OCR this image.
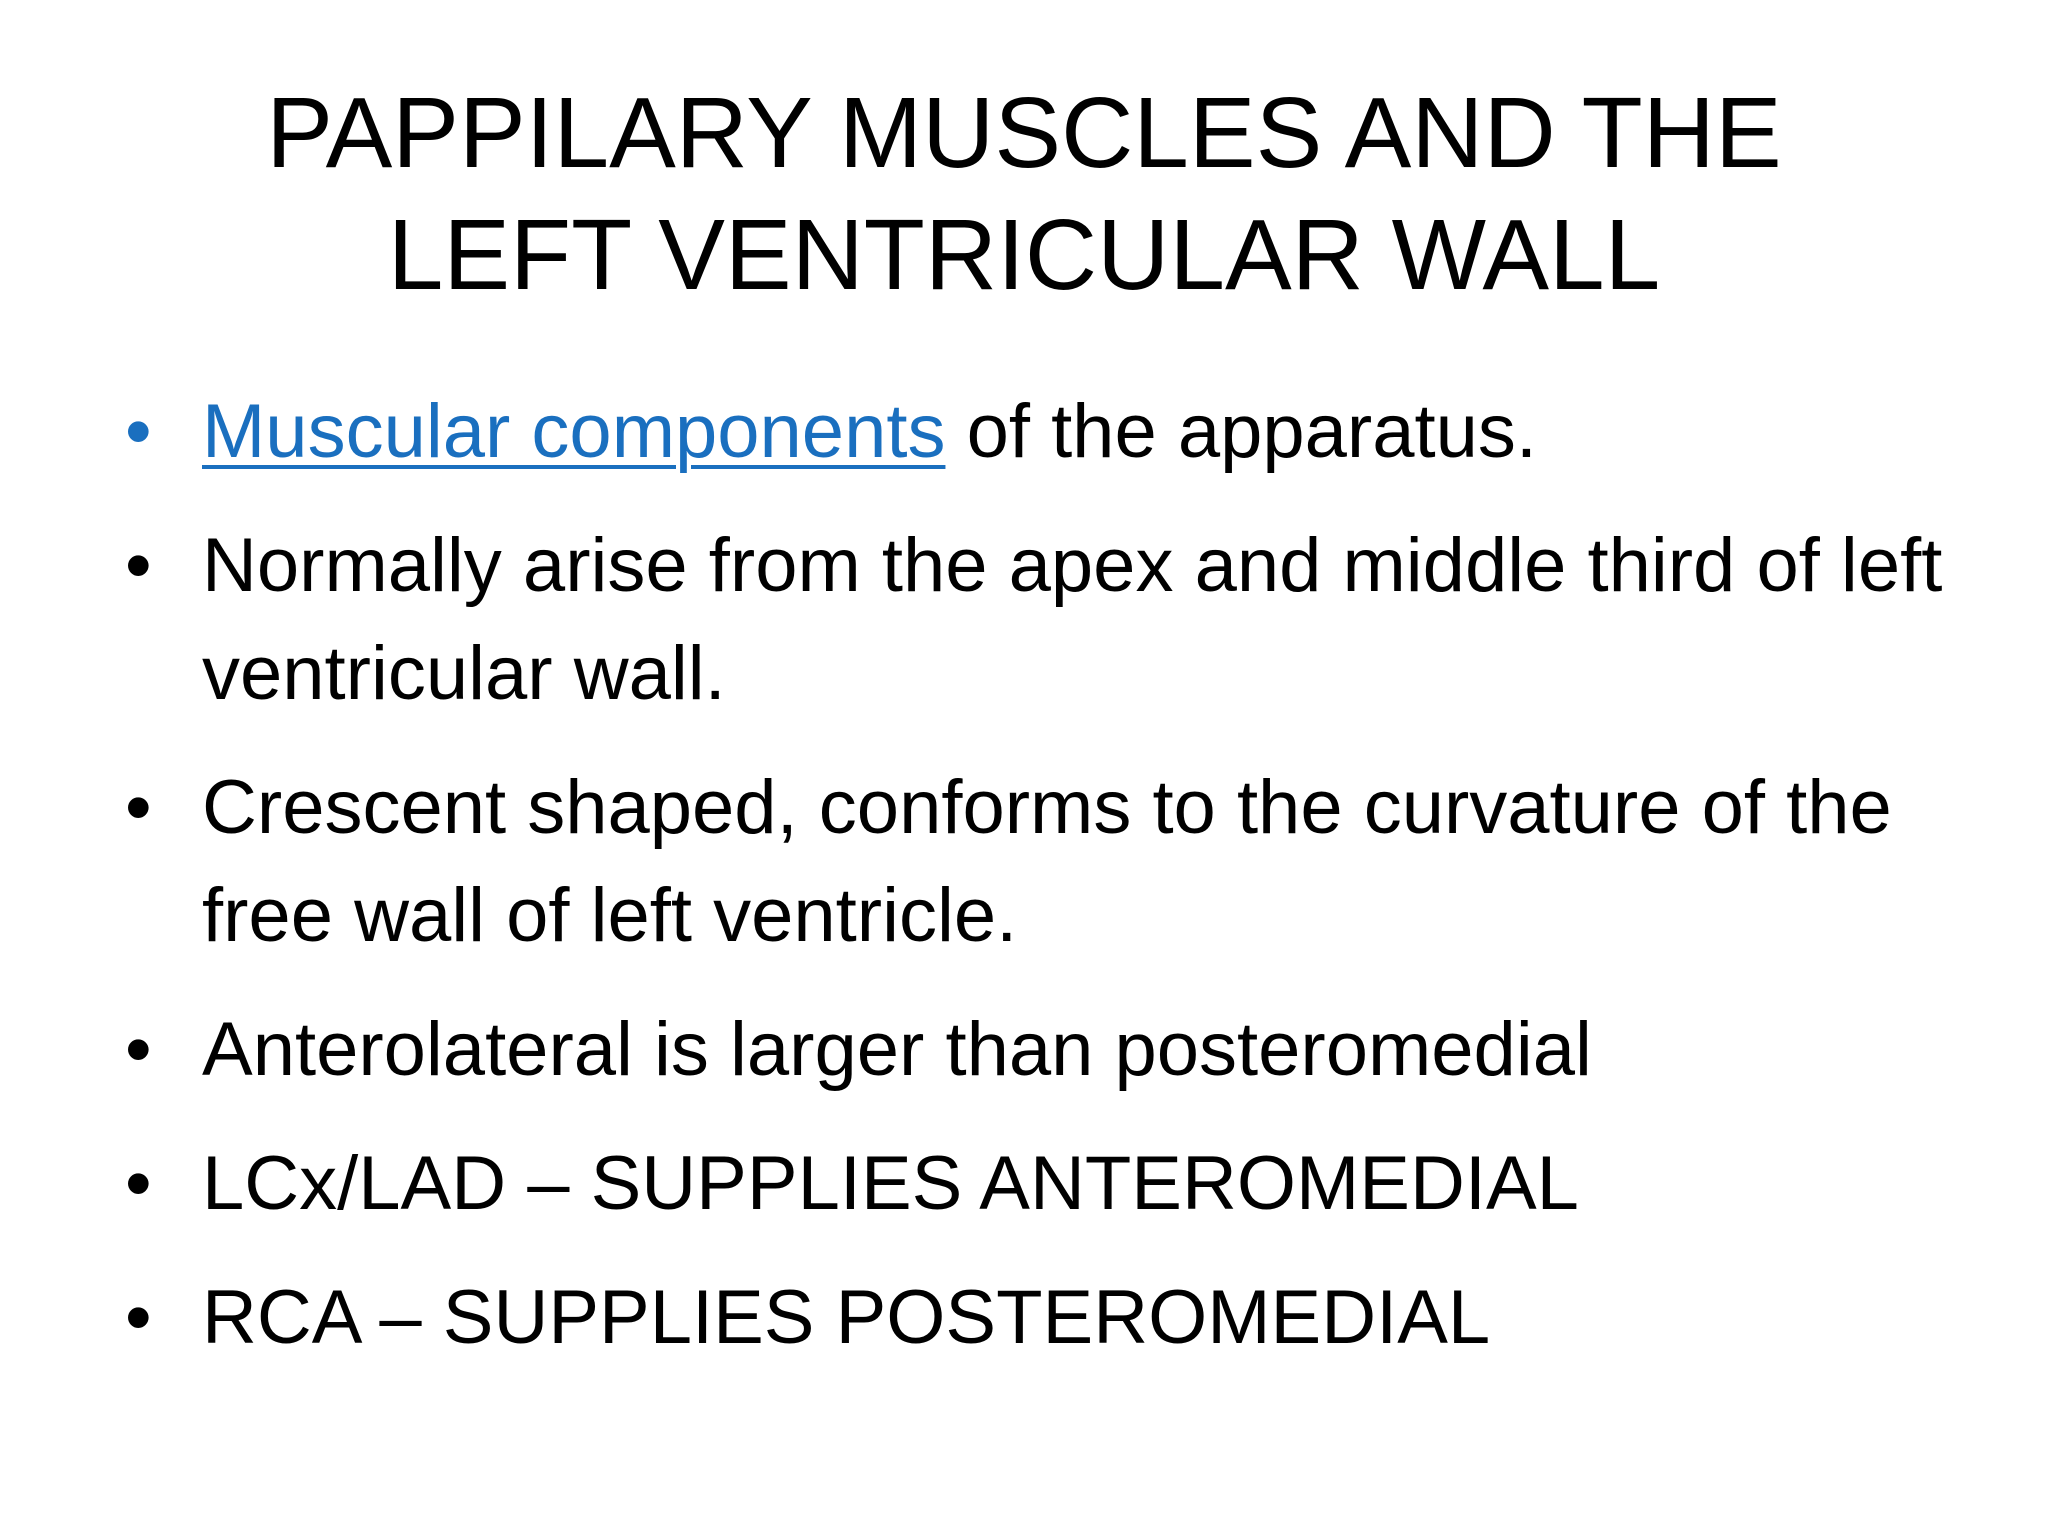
PAPPILARY MUSCLES AND THE LEFT VENTRICULAR WALL
• Muscular components of the apparatus.
• Normally arise from the apex and middle third of left ventricular wall.
• Crescent shaped, conforms to the curvature of the free wall of left ventricle.
• Anterolateral is larger than posteromedial
• LCx/LAD – SUPPLIES ANTEROMEDIAL
• RCA – SUPPLIES POSTEROMEDIAL
